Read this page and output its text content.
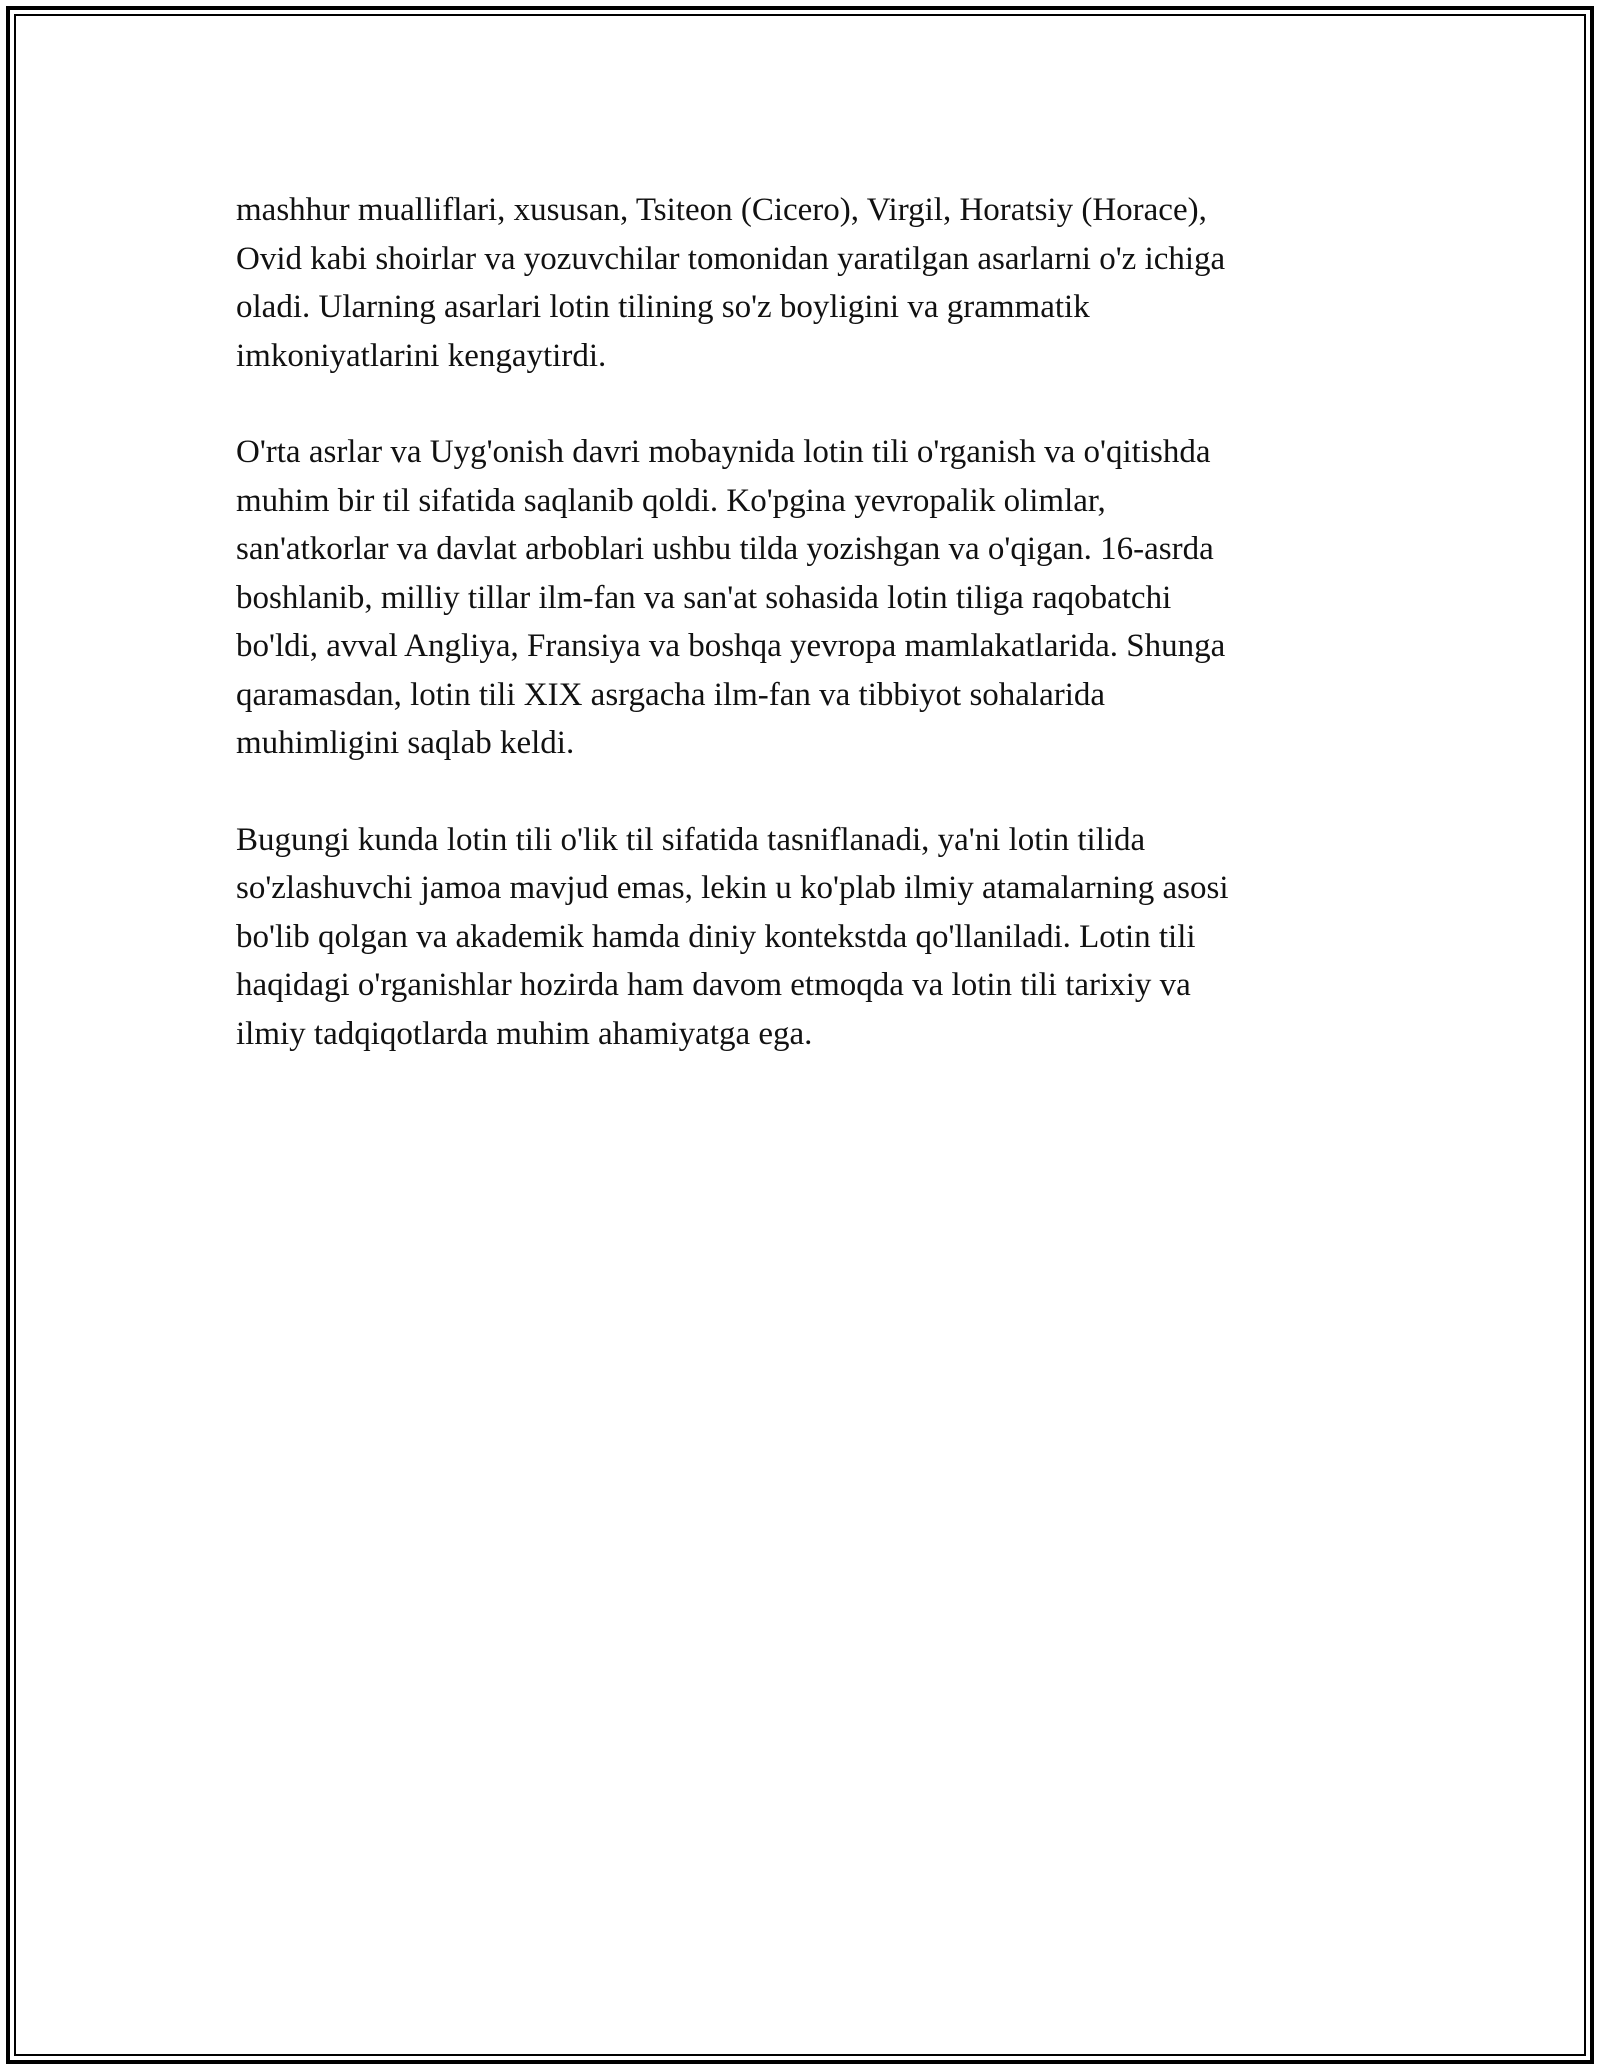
mashhur mualliflari, xususan, Tsiteon (Cicero), Virgil, Horatsiy (Horace),
Ovid kabi shoirlar va yozuvchilar tomonidan yaratilgan asarlarni o'z ichiga
oladi. Ularning asarlari lotin tilining so'z boyligini va grammatik
imkoniyatlarini kengaytirdi.

O'rta asrlar va Uyg'onish davri mobaynida lotin tili o'rganish va o'qitishda
muhim bir til sifatida saqlanib qoldi. Ko'pgina yevropalik olimlar,
san'atkorlar va davlat arboblari ushbu tilda yozishgan va o'qigan. 16-asrda
boshlanib, milliy tillar ilm-fan va san'at sohasida lotin tiliga raqobatchi
bo'ldi, avval Angliya, Fransiya va boshqa yevropa mamlakatlarida. Shunga
qaramasdan, lotin tili XIX asrgacha ilm-fan va tibbiyot sohalarida
muhimligini saqlab keldi.

Bugungi kunda lotin tili o'lik til sifatida tasniflanadi, ya'ni lotin tilida
so'zlashuvchi jamoa mavjud emas, lekin u ko'plab ilmiy atamalarning asosi
bo'lib qolgan va akademik hamda diniy kontekstda qo'llaniladi. Lotin tili
haqidagi o'rganishlar hozirda ham davom etmoqda va lotin tili tarixiy va
ilmiy tadqiqotlarda muhim ahamiyatga ega.
